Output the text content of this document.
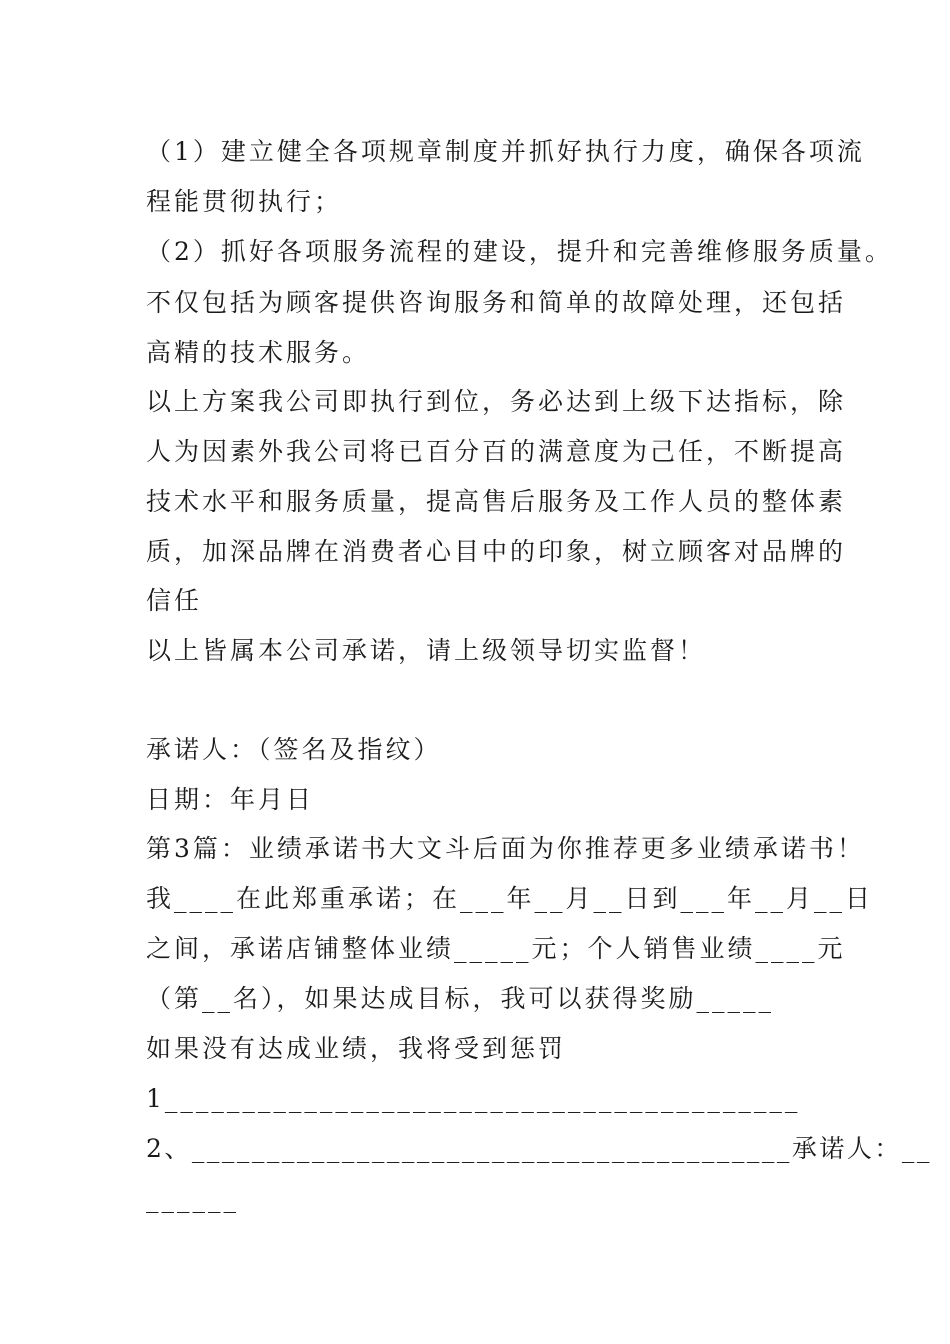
（1）建立健全各项规章制度并抓好执行力度，确保各项流
程能贯彻执行；
（2）抓好各项服务流程的建设，提升和完善维修服务质量。
不仅包括为顾客提供咨询服务和简单的故障处理，还包括
高精的技术服务。
以上方案我公司即执行到位，务必达到上级下达指标，除
人为因素外我公司将已百分百的满意度为己任，不断提高
技术水平和服务质量，提高售后服务及工作人员的整体素
质，加深品牌在消费者心目中的印象，树立顾客对品牌的
信任
以上皆属本公司承诺，请上级领导切实监督！
承诺人：（签名及指纹）
日期：年月日
第3篇：业绩承诺书大文斗后面为你推荐更多业绩承诺书！
我____在此郑重承诺；在___年__月__日到___年__月__日
之间，承诺店铺整体业绩_____元；个人销售业绩____元
（第__名），如果达成目标，我可以获得奖励_____
如果没有达成业绩，我将受到惩罚
1_________________________________________
2、________________________________________承诺人：__
______
